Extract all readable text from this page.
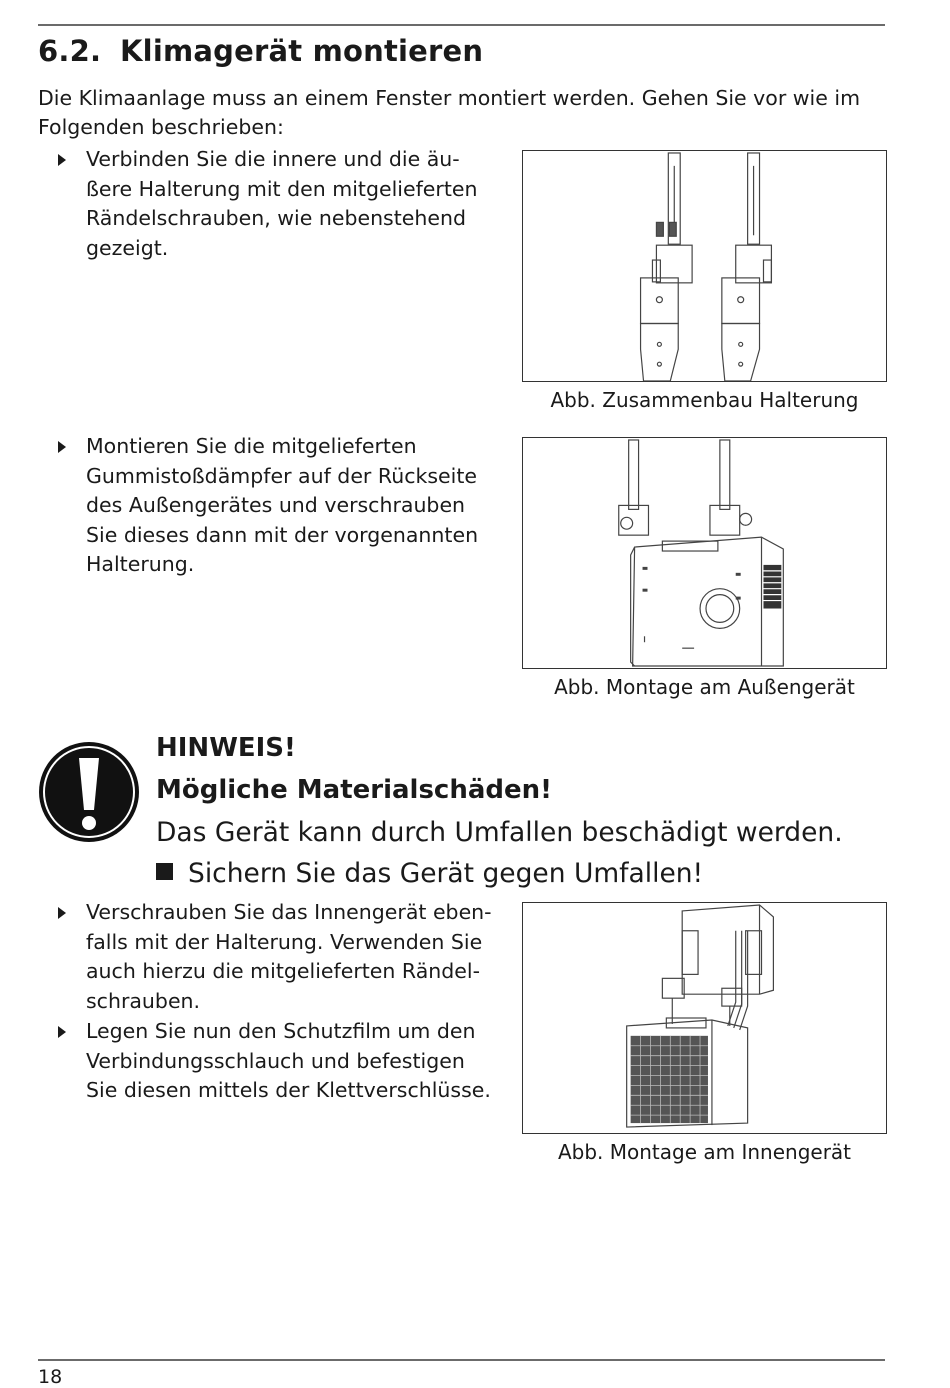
6.2. Klimagerät montieren

Die Klimaanlage muss an einem Fenster montiert werden. Gehen Sie vor wie im Folgenden beschrieben:

Verbinden Sie die innere und die äu-
ßere Halterung mit den mitgelieferten
Rändelschrauben, wie nebenstehend
gezeigt.
Abb. Zusammenbau Halterung
Montieren Sie die mitgelieferten
Gummistoßdämpfer auf der Rückseite
des Außengerätes und verschrauben
Sie dieses dann mit der vorgenannten
Halterung.
Abb. Montage am Außengerät
HINWEIS!
Mögliche Materialschäden!
Das Gerät kann durch Umfallen beschädigt werden.
Sichern Sie das Gerät gegen Umfallen!
Verschrauben Sie das Innengerät eben-
falls mit der Halterung. Verwenden Sie
auch hierzu die mitgelieferten Rändel-
schrauben.
Legen Sie nun den Schutzfilm um den
Verbindungsschlauch und befestigen
Sie diesen mittels der Klettverschlüsse.
Abb. Montage am Innengerät
18
